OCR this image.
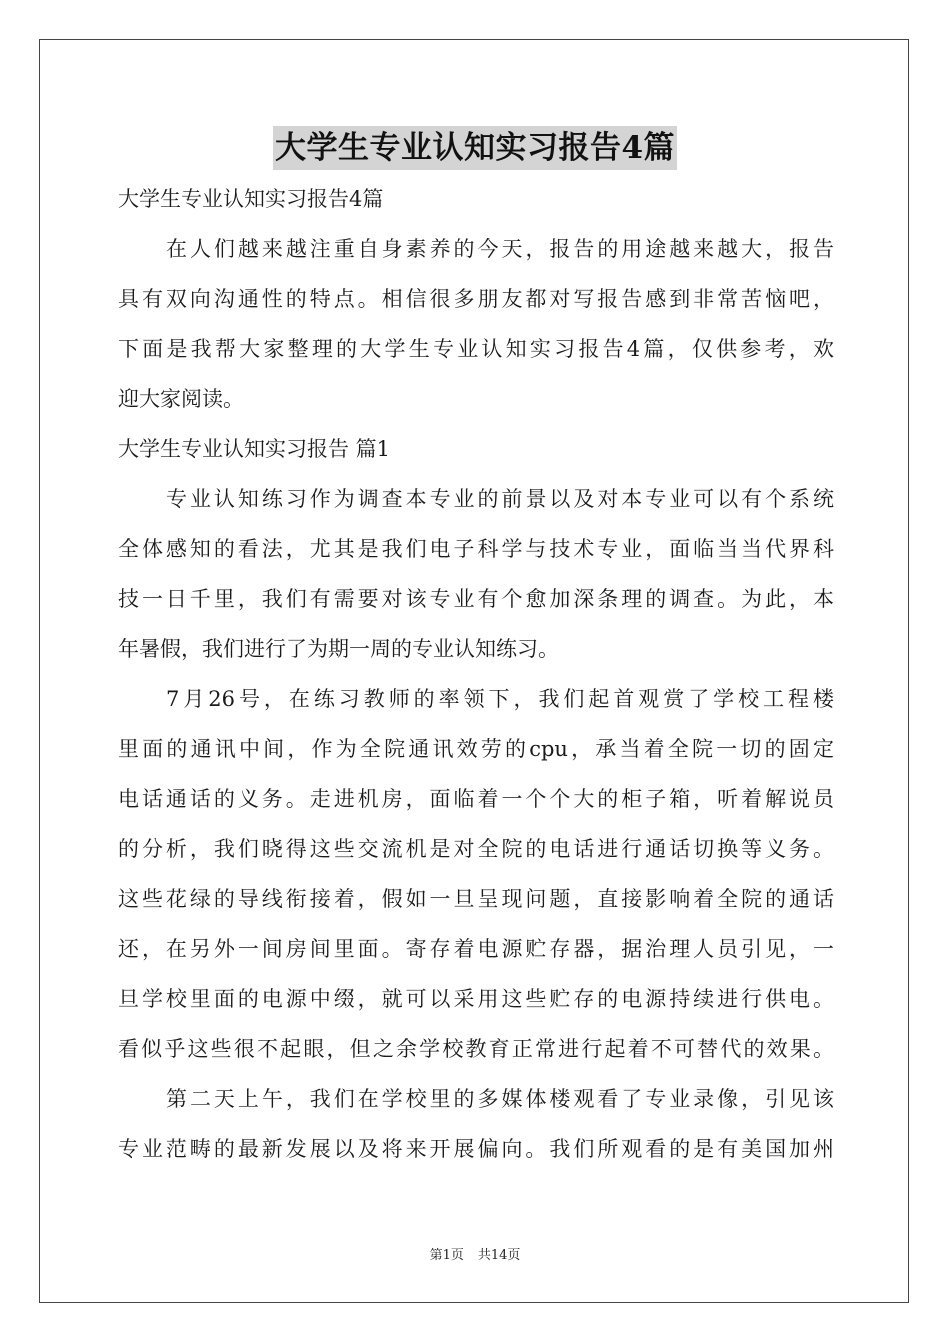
大学生专业认知实习报告4篇
大学生专业认知实习报告4篇
在人们越来越注重自身素养的今天，报告的用途越来越大，报告
具有双向沟通性的特点。相信很多朋友都对写报告感到非常苦恼吧，
下面是我帮大家整理的大学生专业认知实习报告4篇，仅供参考，欢
迎大家阅读。
大学生专业认知实习报告 篇1
专业认知练习作为调查本专业的前景以及对本专业可以有个系统
全体感知的看法，尤其是我们电子科学与技术专业，面临当当代界科
技一日千里，我们有需要对该专业有个愈加深条理的调查。为此，本
年暑假，我们进行了为期一周的专业认知练习。
7月26号，在练习教师的率领下，我们起首观赏了学校工程楼
里面的通讯中间，作为全院通讯效劳的cpu，承当着全院一切的固定
电话通话的义务。走进机房，面临着一个个大的柜子箱，听着解说员
的分析，我们晓得这些交流机是对全院的电话进行通话切换等义务。
这些花绿的导线衔接着，假如一旦呈现问题，直接影响着全院的通话
还，在另外一间房间里面。寄存着电源贮存器，据治理人员引见，一
旦学校里面的电源中缀，就可以采用这些贮存的电源持续进行供电。
看似乎这些很不起眼，但之余学校教育正常进行起着不可替代的效果。
第二天上午，我们在学校里的多媒体楼观看了专业录像，引见该
专业范畴的最新发展以及将来开展偏向。我们所观看的是有美国加州
第1页 共14页
